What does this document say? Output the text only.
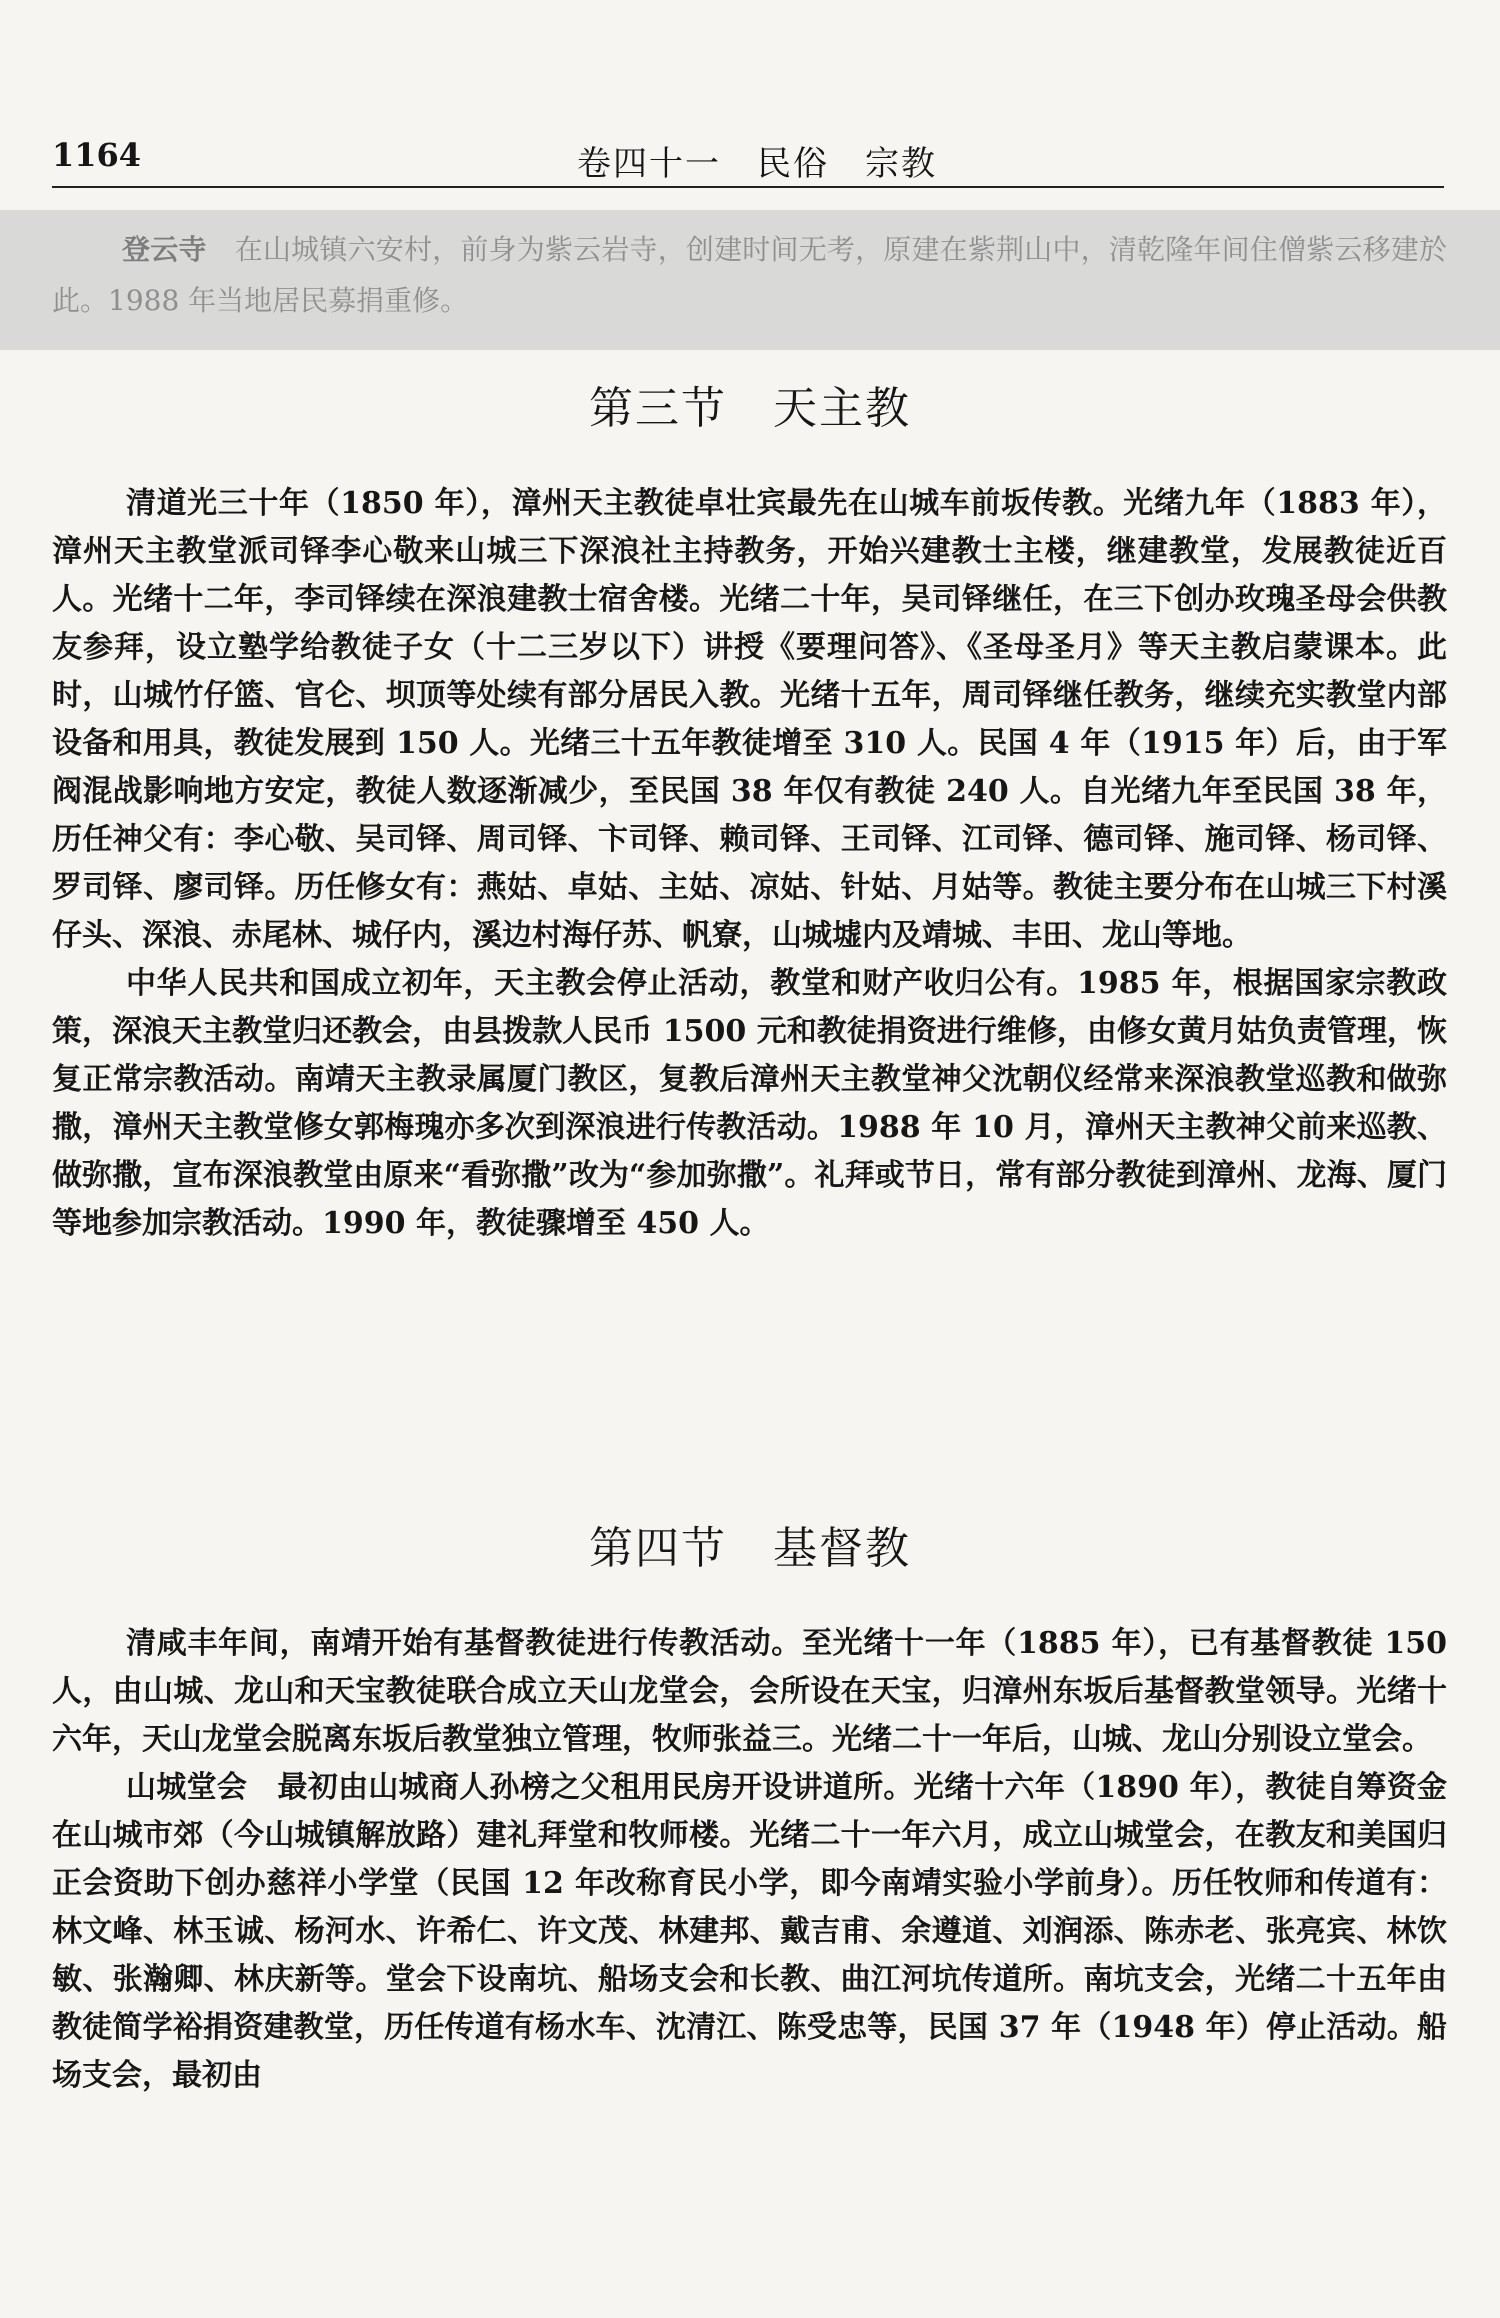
1164	卷四十一　民俗　宗教

登云寺　 在山城镇六安村，前身为紫云岩寺，创建时间无考，原建在紫荆山中，清乾隆年间住僧紫云移建於此。1988 年当地居民募捐重修。

第三节　天主教

清道光三十年（1850 年），漳州天主教徒卓壮宾最先在山城车前坂传教。光绪九年（1883 年），漳州天主教堂派司铎李心敬来山城三下深浪社主持教务，开始兴建教士主楼，继建教堂，发展教徒近百人。光绪十二年，李司铎续在深浪建教士宿舍楼。光绪二十年，吴司铎继任，在三下创办玫瑰圣母会供教友参拜，设立塾学给教徒子女（十二三岁以下）讲授《要理问答》、《圣母圣月》等天主教启蒙课本。此时，山城竹仔篮、官仑、坝顶等处续有部分居民入教。光绪十五年，周司铎继任教务，继续充实教堂内部设备和用具，教徒发展到 150 人。光绪三十五年教徒增至 310 人。民国 4 年（1915 年）后，由于军阀混战影响地方安定，教徒人数逐渐减少，至民国 38 年仅有教徒 240 人。自光绪九年至民国 38 年，历任神父有：李心敬、吴司铎、周司铎、卞司铎、赖司铎、王司铎、江司铎、德司铎、施司铎、杨司铎、罗司铎、廖司铎。历任修女有：燕姑、卓姑、主姑、凉姑、针姑、月姑等。教徒主要分布在山城三下村溪仔头、深浪、赤尾林、城仔内，溪边村海仔苏、帆寮，山城墟内及靖城、丰田、龙山等地。

中华人民共和国成立初年，天主教会停止活动，教堂和财产收归公有。1985 年，根据国家宗教政策，深浪天主教堂归还教会，由县拨款人民币 1500 元和教徒捐资进行维修，由修女黄月姑负责管理，恢复正常宗教活动。南靖天主教录属厦门教区，复教后漳州天主教堂神父沈朝仪经常来深浪教堂巡教和做弥撒，漳州天主教堂修女郭梅瑰亦多次到深浪进行传教活动。1988 年 10 月，漳州天主教神父前来巡教、做弥撒，宣布深浪教堂由原来“看弥撒”改为“参加弥撒”。礼拜或节日，常有部分教徒到漳州、龙海、厦门等地参加宗教活动。1990 年，教徒骤增至 450 人。

第四节　基督教

清咸丰年间，南靖开始有基督教徒进行传教活动。至光绪十一年（1885 年），已有基督教徒 150 人，由山城、龙山和天宝教徒联合成立天山龙堂会，会所设在天宝，归漳州东坂后基督教堂领导。光绪十六年，天山龙堂会脱离东坂后教堂独立管理，牧师张益三。光绪二十一年后，山城、龙山分别设立堂会。

山城堂会　 最初由山城商人孙榜之父租用民房开设讲道所。光绪十六年（1890 年），教徒自筹资金在山城市郊（今山城镇解放路）建礼拜堂和牧师楼。光绪二十一年六月，成立山城堂会，在教友和美国归正会资助下创办慈祥小学堂（民国 12 年改称育民小学，即今南靖实验小学前身）。历任牧师和传道有：林文峰、林玉诚、杨河水、许希仁、许文茂、林建邦、戴吉甫、余遵道、刘润添、陈赤老、张亮宾、林饮敏、张瀚卿、林庆新等。堂会下设南坑、船场支会和长教、曲江河坑传道所。南坑支会，光绪二十五年由教徒简学裕捐资建教堂，历任传道有杨水车、沈清江、陈受忠等，民国 37 年（1948 年）停止活动。船场支会，最初由
